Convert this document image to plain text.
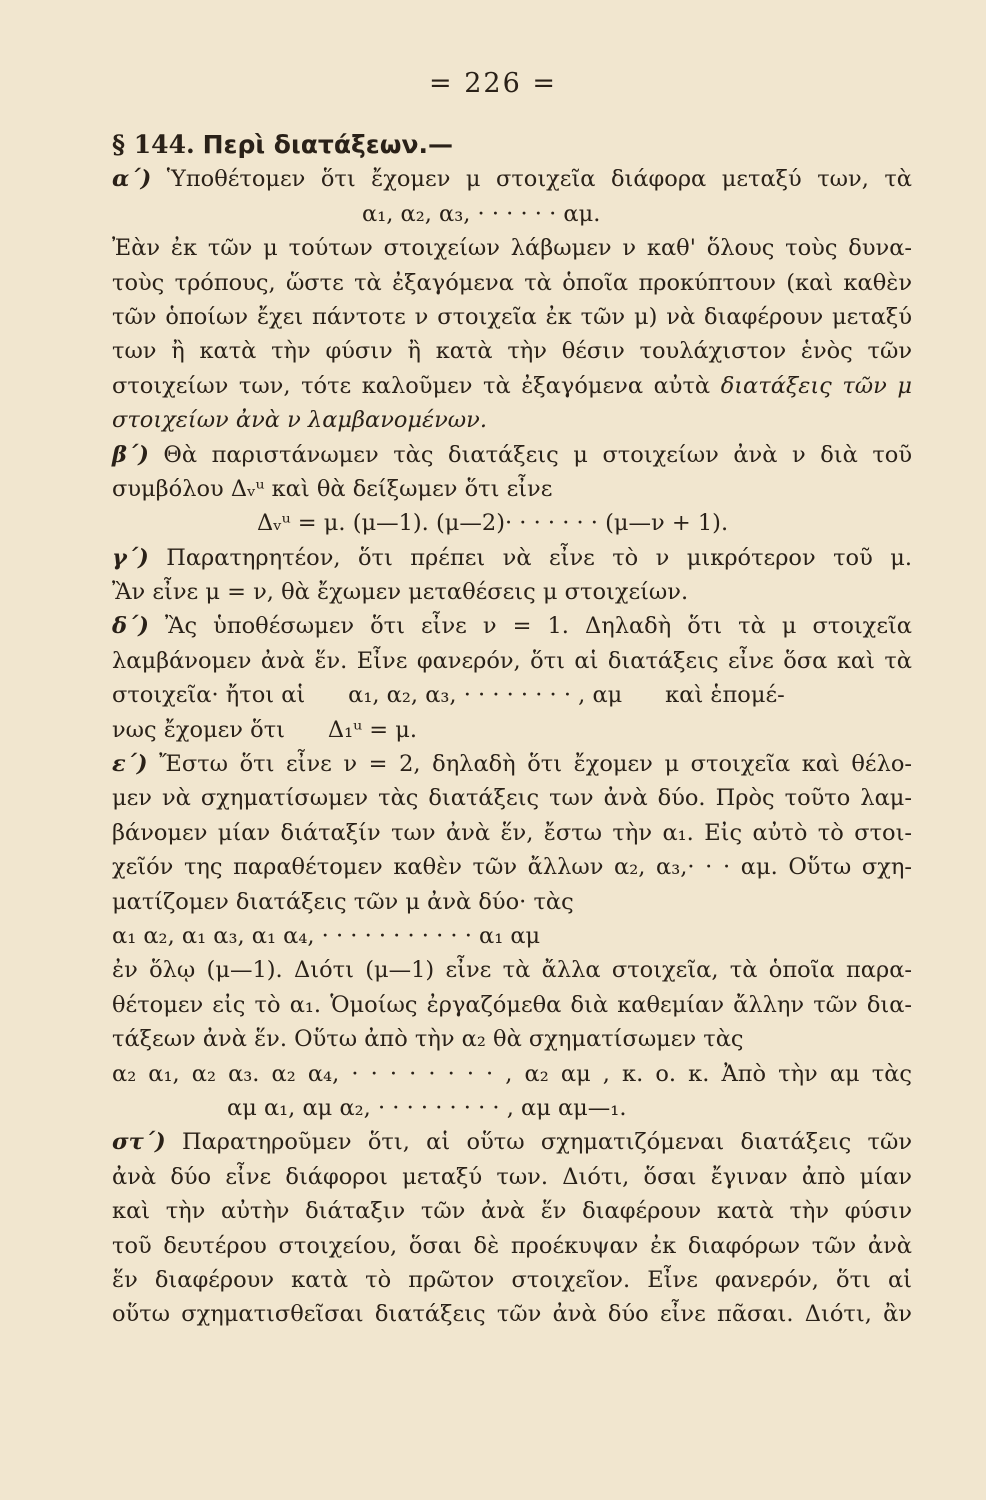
= 226 =
§ 144. Περὶ διατάξεων.—
α΄) Ὑποθέτομεν ὅτι ἔχομεν μ στοιχεῖα διάφορα μεταξύ των, τὰ
α₁, α₂, α₃, · · · · · · αμ.
Ἐὰν ἐκ τῶν μ τούτων στοιχείων λάβωμεν ν καθ' ὅλους τοὺς δυνα-
τοὺς τρόπους, ὥστε τὰ ἐξαγόμενα τὰ ὁποῖα προκύπτουν (καὶ καθὲν
τῶν ὁποίων ἔχει πάντοτε ν στοιχεῖα ἐκ τῶν μ) νὰ διαφέρουν μεταξύ
των ἢ κατὰ τὴν φύσιν ἢ κατὰ τὴν θέσιν τουλάχιστον ἑνὸς τῶν
στοιχείων των, τότε καλοῦμεν τὰ ἐξαγόμενα αὐτὰ διατάξεις τῶν μ
στοιχείων ἀνὰ ν λαμβανομένων.
β΄) Θὰ παριστάνωμεν τὰς διατάξεις μ στοιχείων ἀνὰ ν διὰ τοῦ
συμβόλου Δᵥᵘ καὶ θὰ δείξωμεν ὅτι εἶνε
Δᵥᵘ = μ. (μ—1). (μ—2)· · · · · · · (μ—ν + 1).
γ΄) Παρατηρητέον, ὅτι πρέπει νὰ εἶνε τὸ ν μικρότερον τοῦ μ.
Ἂν εἶνε μ = ν, θὰ ἔχωμεν μεταθέσεις μ στοιχείων.
δ΄) Ἂς ὑποθέσωμεν ὅτι εἶνε ν = 1. Δηλαδὴ ὅτι τὰ μ στοιχεῖα
λαμβάνομεν ἀνὰ ἕν. Εἶνε φανερόν, ὅτι αἱ διατάξεις εἶνε ὅσα καὶ τὰ
στοιχεῖα· ἤτοι αἱ      α₁, α₂, α₃, · · · · · · · · , αμ      καὶ ἑπομέ-
νως ἔχομεν ὅτι      Δ₁ᵘ = μ.
ε΄) Ἔστω ὅτι εἶνε ν = 2, δηλαδὴ ὅτι ἔχομεν μ στοιχεῖα καὶ θέλο-
μεν νὰ σχηματίσωμεν τὰς διατάξεις των ἀνὰ δύο. Πρὸς τοῦτο λαμ-
βάνομεν μίαν διάταξίν των ἀνὰ ἕν, ἔστω τὴν α₁. Εἰς αὐτὸ τὸ στοι-
χεῖόν της παραθέτομεν καθὲν τῶν ἄλλων α₂, α₃,· · · αμ. Οὕτω σχη-
ματίζομεν διατάξεις τῶν μ ἀνὰ δύο· τὰς
α₁ α₂, α₁ α₃, α₁ α₄, · · · · · · · · · · · α₁ αμ
ἐν ὅλῳ (μ—1). Διότι (μ—1) εἶνε τὰ ἄλλα στοιχεῖα, τὰ ὁποῖα παρα-
θέτομεν εἰς τὸ α₁. Ὁμοίως ἐργαζόμεθα διὰ καθεμίαν ἄλλην τῶν δια-
τάξεων ἀνὰ ἕν. Οὕτω ἀπὸ τὴν α₂ θὰ σχηματίσωμεν τὰς
α₂ α₁, α₂ α₃. α₂ α₄, · · · · · · · · , α₂ αμ , κ. ο. κ. Ἀπὸ τὴν αμ τὰς
αμ α₁, αμ α₂, · · · · · · · · · , αμ αμ—₁.
στ΄) Παρατηροῦμεν ὅτι, αἱ οὕτω σχηματιζόμεναι διατάξεις τῶν
ἀνὰ δύο εἶνε διάφοροι μεταξύ των. Διότι, ὅσαι ἔγιναν ἀπὸ μίαν
καὶ τὴν αὐτὴν διάταξιν τῶν ἀνὰ ἕν διαφέρουν κατὰ τὴν φύσιν
τοῦ δευτέρου στοιχείου, ὅσαι δὲ προέκυψαν ἐκ διαφόρων τῶν ἀνὰ
ἕν διαφέρουν κατὰ τὸ πρῶτον στοιχεῖον. Εἶνε φανερόν, ὅτι αἱ
οὕτω σχηματισθεῖσαι διατάξεις τῶν ἀνὰ δύο εἶνε πᾶσαι. Διότι, ἂν
